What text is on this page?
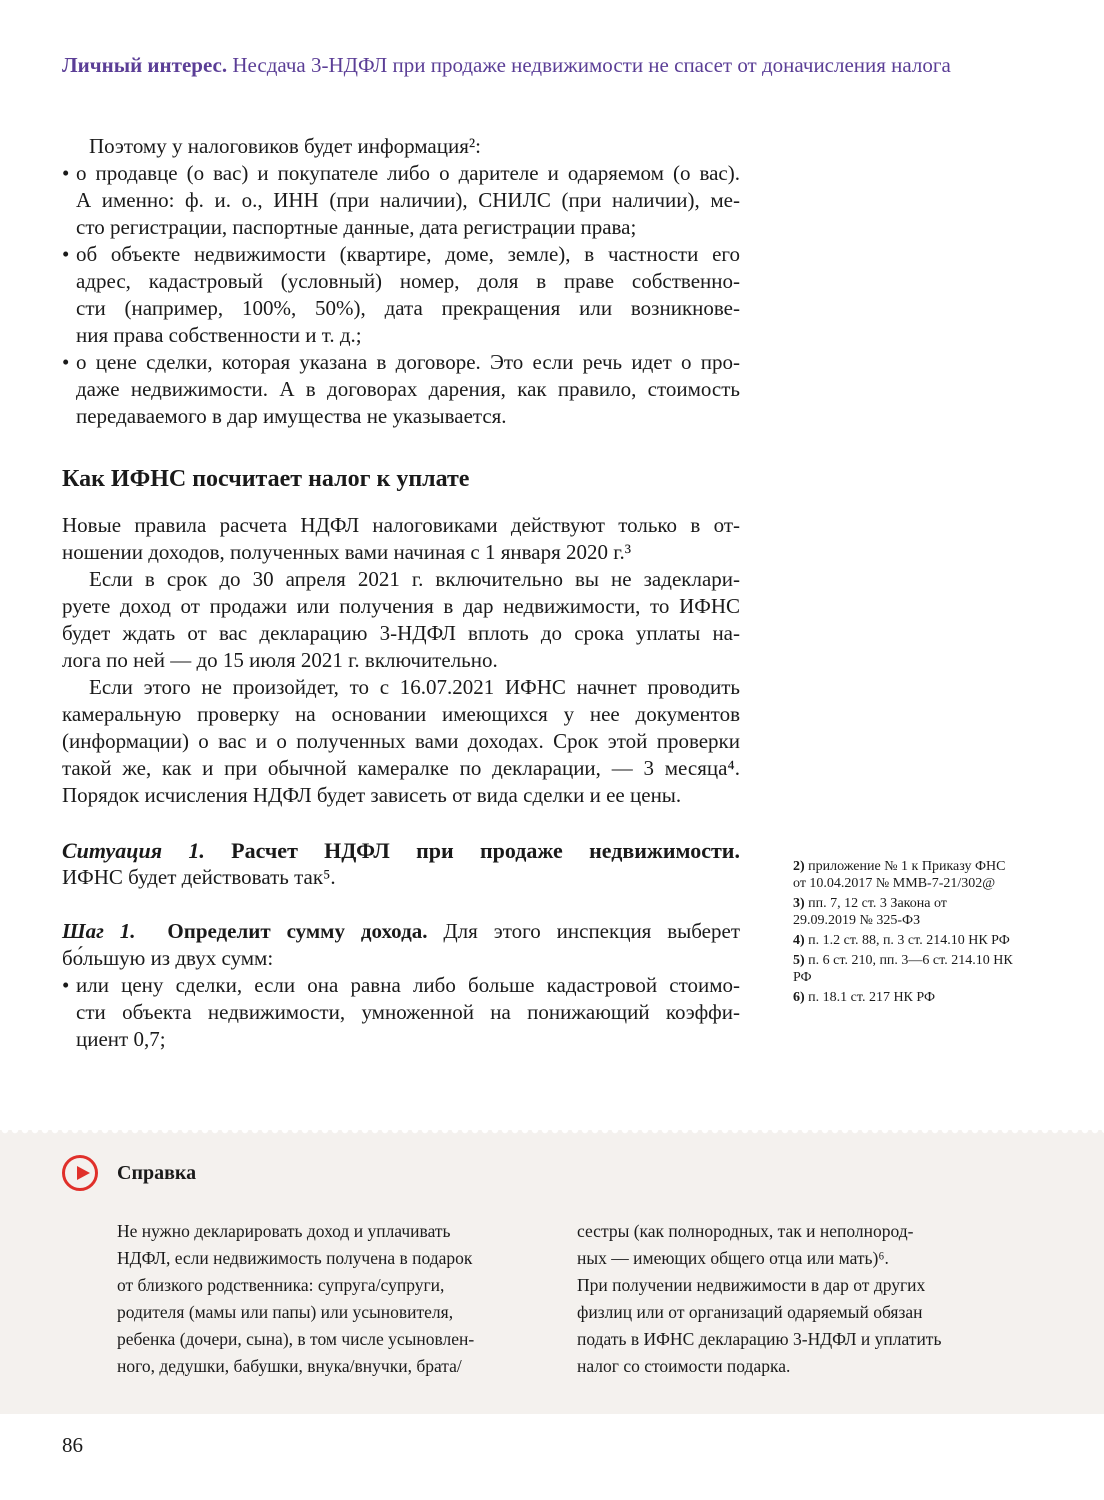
Личный интерес. Несдача 3-НДФЛ при продаже недвижимости не спасет от доначисления налога
Поэтому у налоговиков будет информация²:
• о продавце (о вас) и покупателе либо о дарителе и одаряемом (о вас).
А именно: ф. и. о., ИНН (при наличии), СНИЛС (при наличии), ме-
сто регистрации, паспортные данные, дата регистрации права;
• об объекте недвижимости (квартире, доме, земле), в частности его
адрес, кадастровый (условный) номер, доля в праве собственно-
сти (например, 100%, 50%), дата прекращения или возникнове-
ния права собственности и т. д.;
• о цене сделки, которая указана в договоре. Это если речь идет о про-
даже недвижимости. А в договорах дарения, как правило, стоимость
передаваемого в дар имущества не указывается.
Как ИФНС посчитает налог к уплате
Новые правила расчета НДФЛ налоговиками действуют только в от-
ношении доходов, полученных вами начиная с 1 января 2020 г.³
Если в срок до 30 апреля 2021 г. включительно вы не задеклари-
руете доход от продажи или получения в дар недвижимости, то ИФНС
будет ждать от вас декларацию 3-НДФЛ вплоть до срока уплаты на-
лога по ней — до 15 июля 2021 г. включительно.
Если этого не произойдет, то с 16.07.2021 ИФНС начнет проводить
камеральную проверку на основании имеющихся у нее документов
(информации) о вас и о полученных вами доходах. Срок этой проверки
такой же, как и при обычной камералке по декларации, — 3 месяца⁴.
Порядок исчисления НДФЛ будет зависеть от вида сделки и ее цены.
Ситуация 1. Расчет НДФЛ при продаже недвижимости.
ИФНС будет действовать так⁵.
Шаг 1. Определит сумму дохода. Для этого инспекция выберет
бо́льшую из двух сумм:
• или цену сделки, если она равна либо больше кадастровой стоимо-
сти объекта недвижимости, умноженной на понижающий коэффи-
циент 0,7;
2) приложение № 1 к Приказу ФНС от 10.04.2017 № ММВ-7-21/302@
3) пп. 7, 12 ст. 3 Закона от 29.09.2019 № 325-ФЗ
4) п. 1.2 ст. 88, п. 3 ст. 214.10 НК РФ
5) п. 6 ст. 210, пп. 3—6 ст. 214.10 НК РФ
6) п. 18.1 ст. 217 НК РФ
Справка
Не нужно декларировать доход и уплачивать
НДФЛ, если недвижимость получена в подарок
от близкого родственника: супруга/супруги,
родителя (мамы или папы) или усыновителя,
ребенка (дочери, сына), в том числе усыновлен-
ного, дедушки, бабушки, внука/внучки, брата/
сестры (как полнородных, так и неполнород-
ных — имеющих общего отца или мать)⁶.
При получении недвижимости в дар от других
физлиц или от организаций одаряемый обязан
подать в ИФНС декларацию 3-НДФЛ и уплатить
налог со стоимости подарка.
86
